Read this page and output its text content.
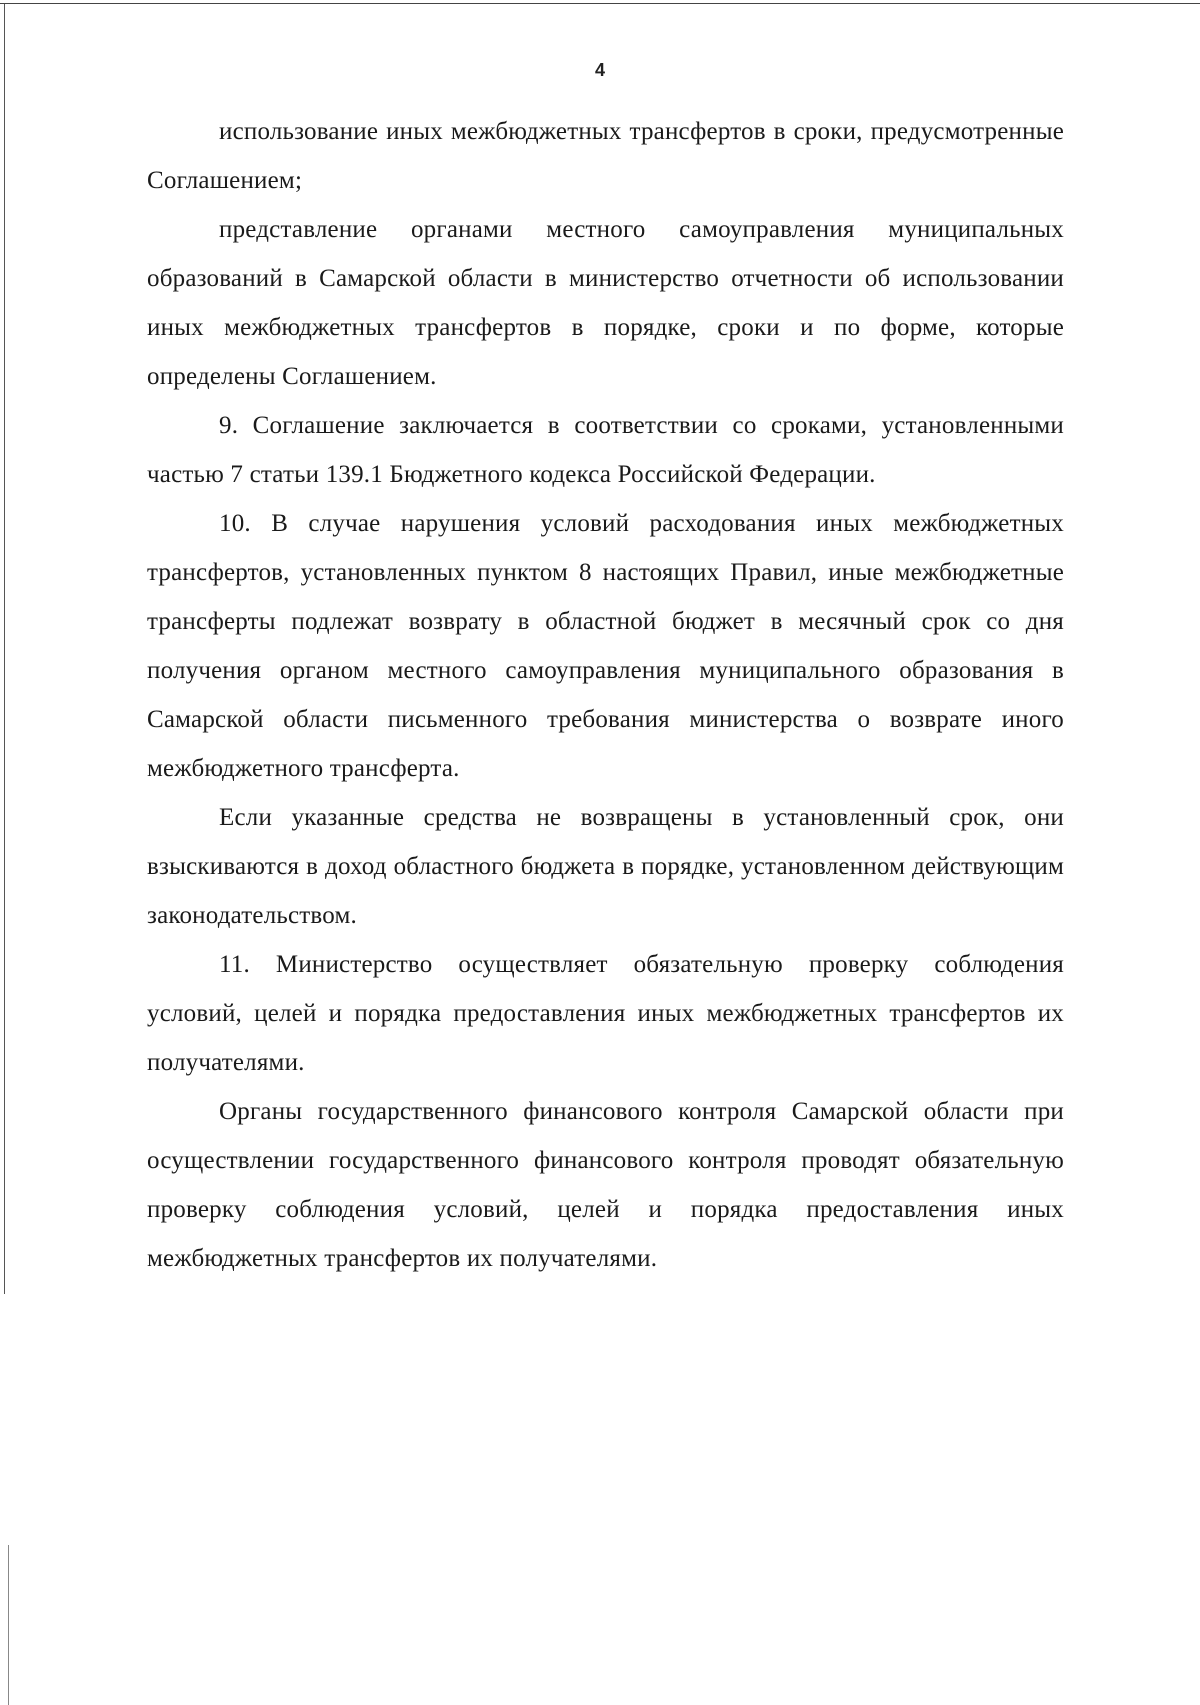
4

использование иных межбюджетных трансфертов в сроки, предусмотренные Соглашением;

представление органами местного самоуправления муниципальных образований в Самарской области в министерство отчетности об использовании иных межбюджетных трансфертов в порядке, сроки и по форме, которые определены Соглашением.

9. Соглашение заключается в соответствии со сроками, установленными частью 7 статьи 139.1 Бюджетного кодекса Российской Федерации.

10. В случае нарушения условий расходования иных межбюджетных трансфертов, установленных пунктом 8 настоящих Правил, иные межбюджетные трансферты подлежат возврату в областной бюджет в месячный срок со дня получения органом местного самоуправления муниципального образования в Самарской области письменного требования министерства о возврате иного межбюджетного трансферта.

Если указанные средства не возвращены в установленный срок, они взыскиваются в доход областного бюджета в порядке, установленном действующим законодательством.

11. Министерство осуществляет обязательную проверку соблюдения условий, целей и порядка предоставления иных межбюджетных трансфертов их получателями.

Органы государственного финансового контроля Самарской области при осуществлении государственного финансового контроля проводят обязательную проверку соблюдения условий, целей и порядка предоставления иных межбюджетных трансфертов их получателями.
